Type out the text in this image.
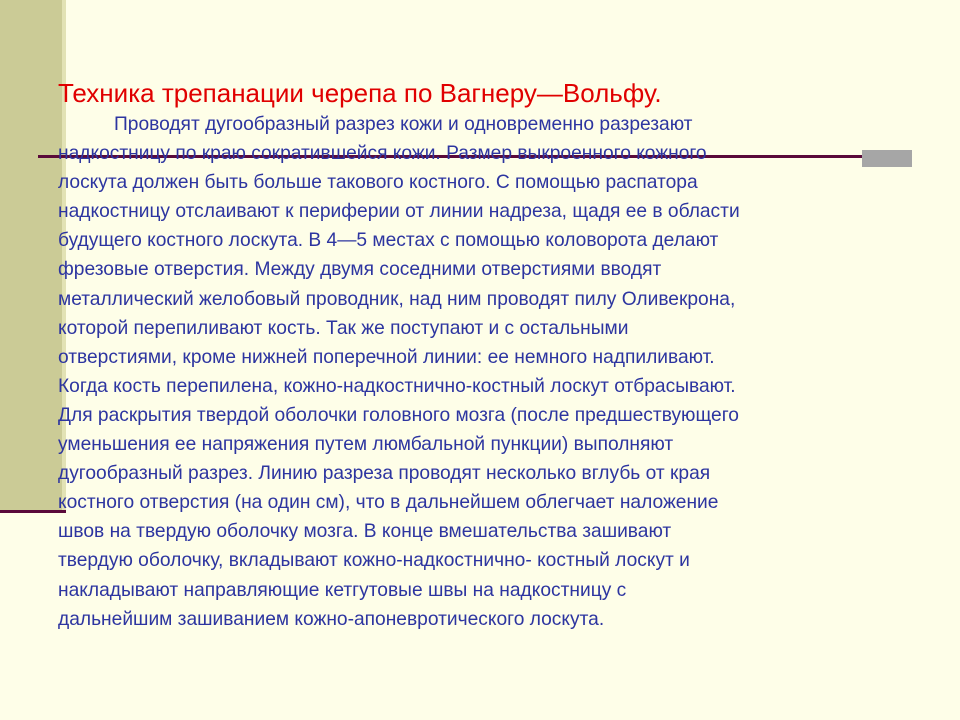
Техника трепанации черепа по Вагнеру—Вольфу.
Проводят дугообразный разрез кожи и одновременно разрезают
надкостницу по краю сократившейся кожи. Размер выкроенного кожного
лоскута должен быть больше такового костного. С помощью распатора
надкостницу отслаивают к периферии от линии надреза, щадя ее в области
будущего костного лоскута. В 4—5 местах с помощью коловорота делают
фрезовые отверстия. Между двумя соседними отверстиями вводят
металлический желобовый проводник, над ним проводят пилу Оливекрона,
которой перепиливают кость. Так же поступают и с остальными
отверстиями, кроме нижней поперечной линии: ее немного надпиливают.
Когда кость перепилена, кожно-надкостнично-костный лоскут отбрасывают.
Для раскрытия твердой оболочки головного мозга (после предшествующего
уменьшения ее напряжения путем люмбальной пункции) выполняют
дугообразный разрез. Линию разреза проводят несколько вглубь от края
костного отверстия (на один см), что в дальнейшем облегчает наложение
швов на твердую оболочку мозга. В конце вмешательства зашивают
твердую оболочку, вкладывают кожно-надкостнично- костный лоскут и
накладывают направляющие кетгутовые швы на надкостницу с
дальнейшим зашиванием кожно-апоневротического лоскута.
